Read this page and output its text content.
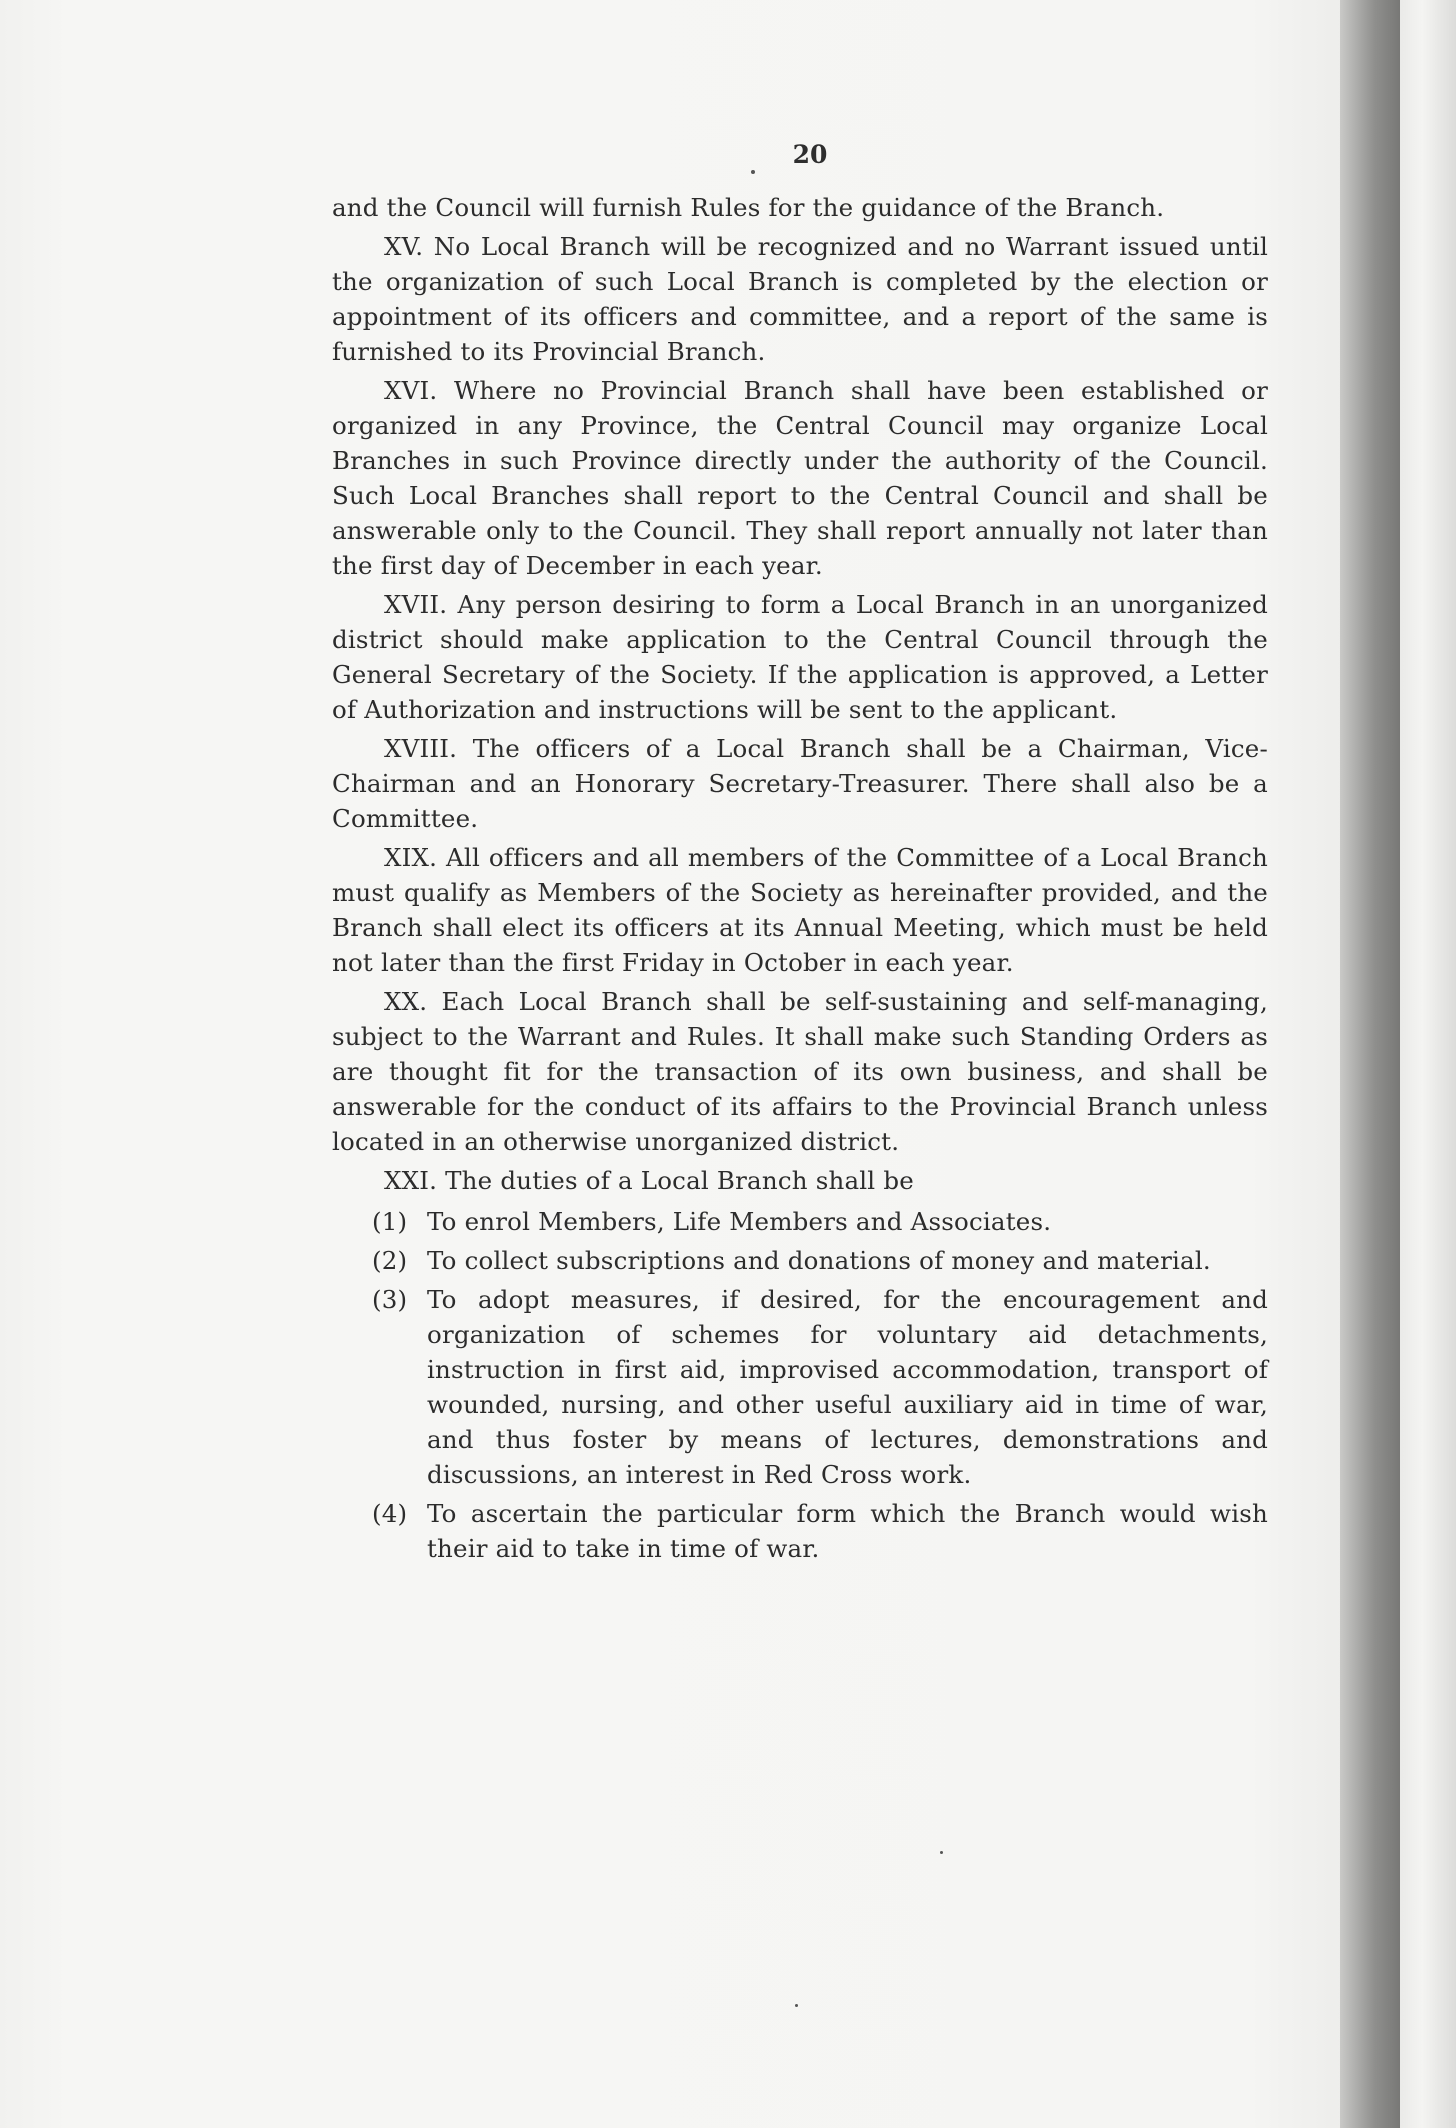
20

and the Council will furnish Rules for the guidance of the Branch.

XV. No Local Branch will be recognized and no Warrant issued until the organization of such Local Branch is completed by the election or appointment of its officers and committee, and a report of the same is furnished to its Provincial Branch.

XVI. Where no Provincial Branch shall have been established or organized in any Province, the Central Council may organize Local Branches in such Province directly under the authority of the Council. Such Local Branches shall report to the Central Council and shall be answerable only to the Council. They shall report annually not later than the first day of December in each year.

XVII. Any person desiring to form a Local Branch in an unorganized district should make application to the Central Council through the General Secretary of the Society. If the application is approved, a Letter of Authorization and instructions will be sent to the applicant.

XVIII. The officers of a Local Branch shall be a Chairman, Vice-Chairman and an Honorary Secretary-Treasurer. There shall also be a Committee.

XIX. All officers and all members of the Committee of a Local Branch must qualify as Members of the Society as hereinafter provided, and the Branch shall elect its officers at its Annual Meeting, which must be held not later than the first Friday in October in each year.

XX. Each Local Branch shall be self-sustaining and self-managing, subject to the Warrant and Rules. It shall make such Standing Orders as are thought fit for the transaction of its own business, and shall be answerable for the conduct of its affairs to the Provincial Branch unless located in an otherwise unorganized district.

XXI. The duties of a Local Branch shall be

(1) To enrol Members, Life Members and Associates.
(2) To collect subscriptions and donations of money and material.
(3) To adopt measures, if desired, for the encouragement and organization of schemes for voluntary aid detachments, instruction in first aid, improvised accommodation, transport of wounded, nursing, and other useful auxiliary aid in time of war, and thus foster by means of lectures, demonstrations and discussions, an interest in Red Cross work.
(4) To ascertain the particular form which the Branch would wish their aid to take in time of war.
